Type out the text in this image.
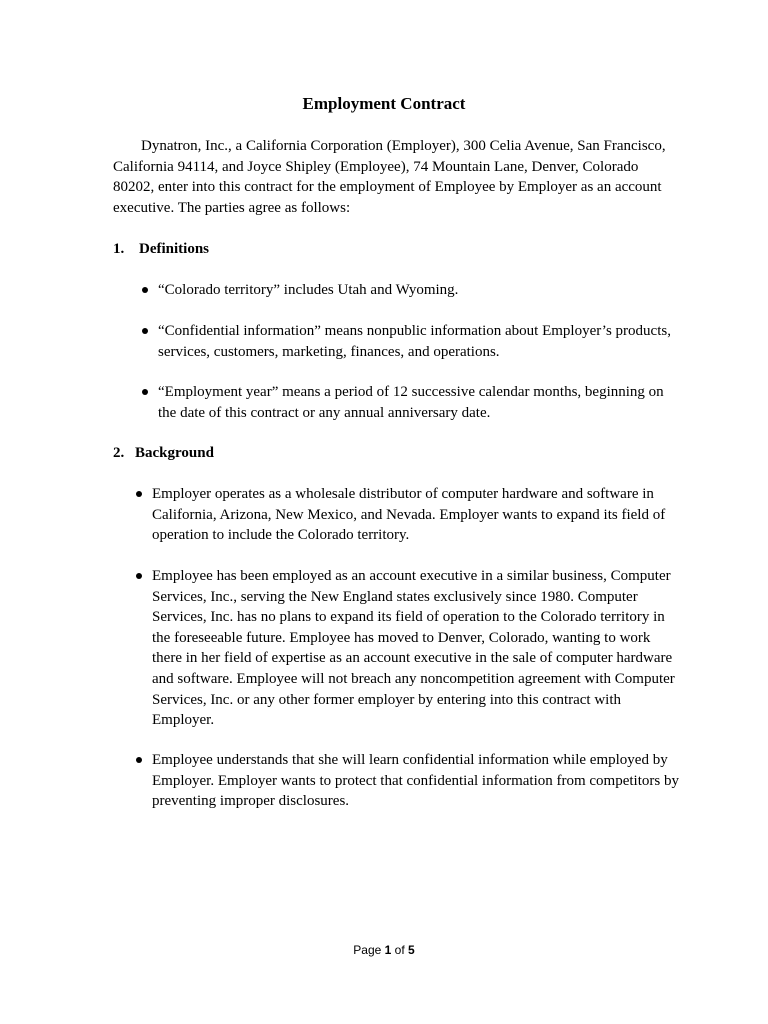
Employment Contract

Dynatron, Inc., a California Corporation (Employer), 300 Celia Avenue, San Francisco, California 94114, and Joyce Shipley (Employee), 74 Mountain Lane, Denver, Colorado 80202, enter into this contract for the employment of Employee by Employer as an account executive. The parties agree as follows:

1. Definitions
“Colorado territory” includes Utah and Wyoming.
“Confidential information” means nonpublic information about Employer’s products, services, customers, marketing, finances, and operations.
“Employment year” means a period of 12 successive calendar months, beginning on the date of this contract or any annual anniversary date.
2. Background
Employer operates as a wholesale distributor of computer hardware and software in California, Arizona, New Mexico, and Nevada. Employer wants to expand its field of operation to include the Colorado territory.
Employee has been employed as an account executive in a similar business, Computer Services, Inc., serving the New England states exclusively since 1980. Computer Services, Inc. has no plans to expand its field of operation to the Colorado territory in the foreseeable future. Employee has moved to Denver, Colorado, wanting to work there in her field of expertise as an account executive in the sale of computer hardware and software. Employee will not breach any noncompetition agreement with Computer Services, Inc. or any other former employer by entering into this contract with Employer.
Employee understands that she will learn confidential information while employed by Employer. Employer wants to protect that confidential information from competitors by preventing improper disclosures.
Page 1 of 5
